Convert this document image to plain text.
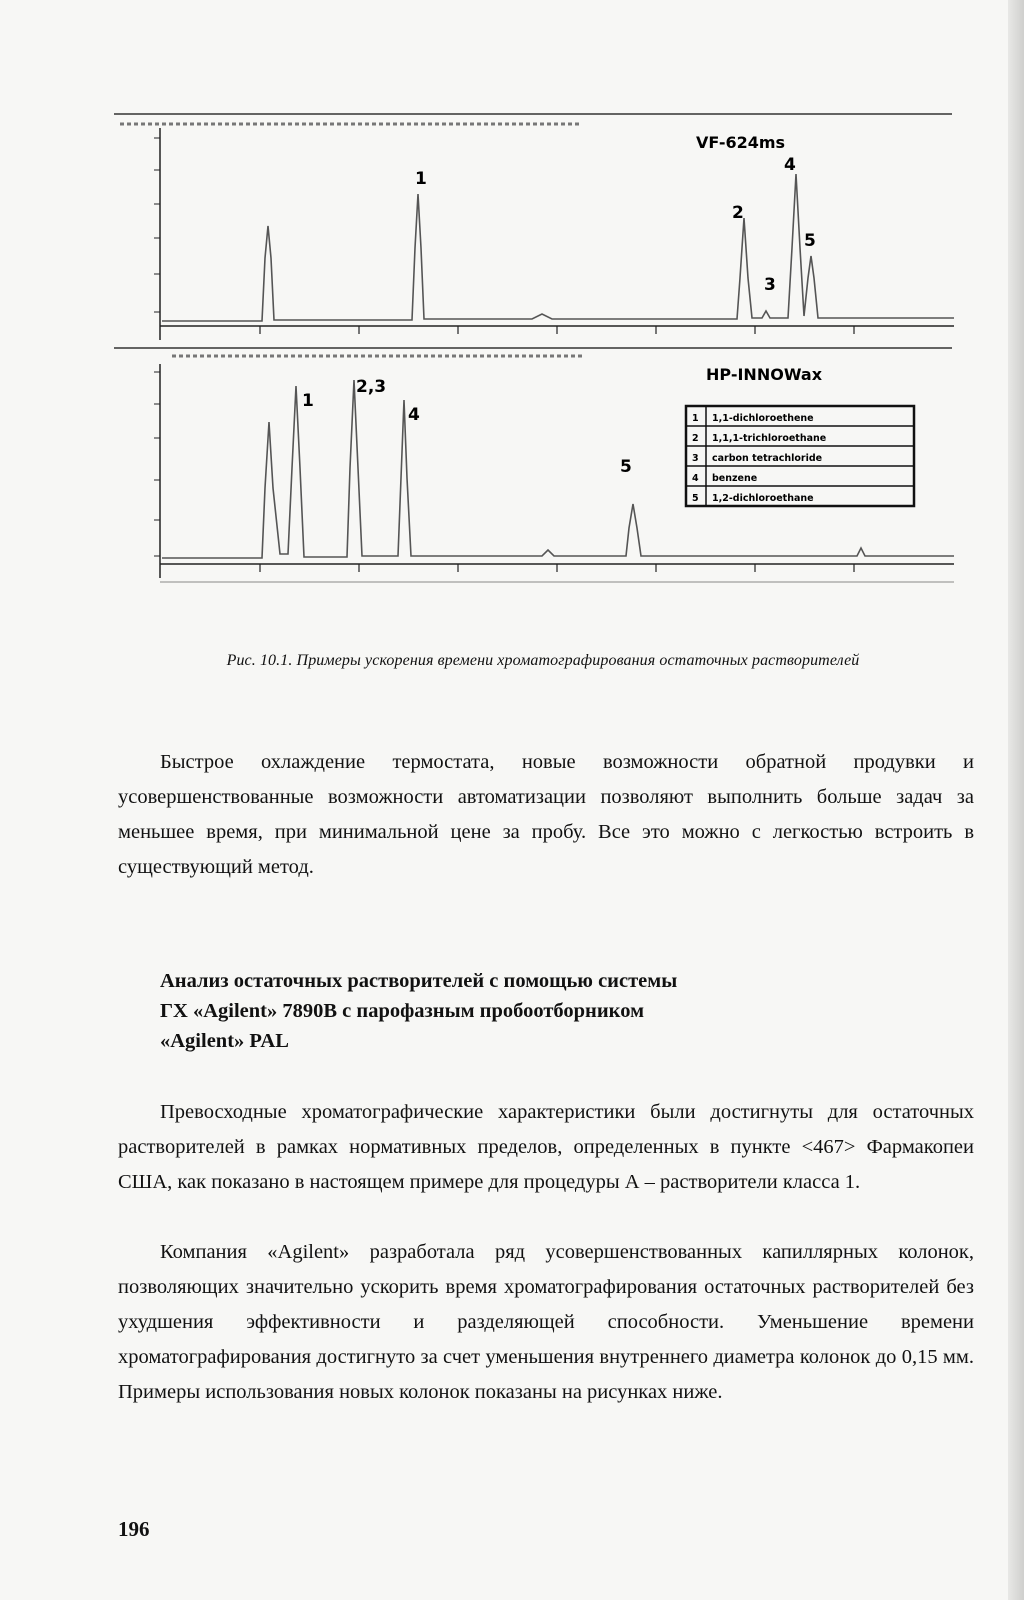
VF-624ms
1
2
3
4
5
HP-INNOWax
1
2,3
4
5
1 1,1-dichloroethene
2 1,1,1-trichloroethane
3 carbon tetrachloride
4 benzene
5 1,2-dichloroethane
Рис. 10.1. Примеры ускорения времени хроматографирования остаточных растворителей

Быстрое охлаждение термостата, новые возможности обратной продувки и усовершенствованные возможности автоматизации позволяют выполнить больше задач за меньшее время, при минимальной цене за пробу. Все это можно с легкостью встроить в существующий метод.

Анализ остаточных растворителей с помощью системы
ГХ «Agilent» 7890B с парофазным пробоотборником
«Agilent» PAL

Превосходные хроматографические характеристики были достигнуты для остаточных растворителей в рамках нормативных пределов, определенных в пункте <467> Фармакопеи США, как показано в настоящем примере для процедуры А – растворители класса 1.

Компания «Agilent» разработала ряд усовершенствованных капиллярных колонок, позволяющих значительно ускорить время хроматографирования остаточных растворителей без ухудшения эффективности и разделяющей способности. Уменьшение времени хроматографирования достигнуто за счет уменьшения внутреннего диаметра колонок до 0,15 мм. Примеры использования новых колонок показаны на рисунках ниже.

196
